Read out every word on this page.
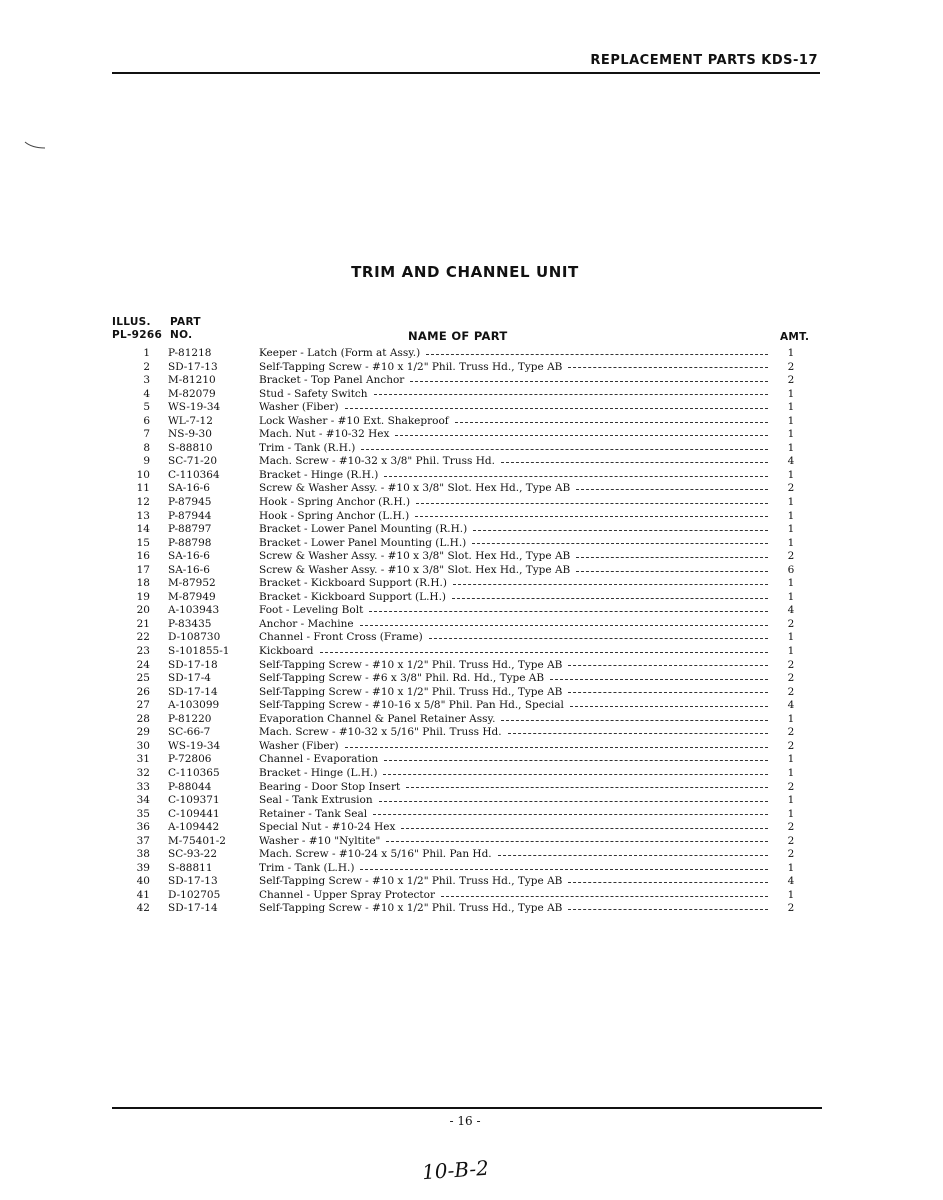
REPLACEMENT PARTS KDS-17
TRIM AND CHANNEL UNIT
ILLUS.
PL-9266
PART
NO.	NAME OF PART	AMT.
1 P-81218	Keeper - Latch (Form at Assy.)	1
2 SD-17-13	Self-Tapping Screw - #10 x 1/2" Phil. Truss Hd., Type AB	2
3 M-81210	Bracket - Top Panel Anchor	2
4 M-82079	Stud - Safety Switch	1
5 WS-19-34	Washer (Fiber)	1
6 WL-7-12	Lock Washer - #10 Ext. Shakeproof	1
7 NS-9-30	Mach. Nut - #10-32 Hex	1
8 S-88810	Trim - Tank (R.H.)	1
9 SC-71-20	Mach. Screw - #10-32 x 3/8" Phil. Truss Hd.	4
10 C-110364	Bracket - Hinge (R.H.)	1
11 SA-16-6	Screw & Washer Assy. - #10 x 3/8" Slot. Hex Hd., Type AB	2
12 P-87945	Hook - Spring Anchor (R.H.)	1
13 P-87944	Hook - Spring Anchor (L.H.)	1
14 P-88797	Bracket - Lower Panel Mounting (R.H.)	1
15 P-88798	Bracket - Lower Panel Mounting (L.H.)	1
16 SA-16-6	Screw & Washer Assy. - #10 x 3/8" Slot. Hex Hd., Type AB	2
17 SA-16-6	Screw & Washer Assy. - #10 x 3/8" Slot. Hex Hd., Type AB	6
18 M-87952	Bracket - Kickboard Support (R.H.)	1
19 M-87949	Bracket - Kickboard Support (L.H.)	1
20 A-103943	Foot - Leveling Bolt	4
21 P-83435	Anchor - Machine	2
22 D-108730	Channel - Front Cross (Frame)	1
23 S-101855-1	Kickboard	1
24 SD-17-18	Self-Tapping Screw - #10 x 1/2" Phil. Truss Hd., Type AB	2
25 SD-17-4	Self-Tapping Screw - #6 x 3/8" Phil. Rd. Hd., Type AB	2
26 SD-17-14	Self-Tapping Screw - #10 x 1/2" Phil. Truss Hd., Type AB	2
27 A-103099	Self-Tapping Screw - #10-16 x 5/8" Phil. Pan Hd., Special	4
28 P-81220	Evaporation Channel & Panel Retainer Assy.	1
29 SC-66-7	Mach. Screw - #10-32 x 5/16" Phil. Truss Hd.	2
30 WS-19-34	Washer (Fiber)	2
31 P-72806	Channel - Evaporation	1
32 C-110365	Bracket - Hinge (L.H.)	1
33 P-88044	Bearing - Door Stop Insert	2
34 C-109371	Seal - Tank Extrusion	1
35 C-109441	Retainer - Tank Seal	1
36 A-109442	Special Nut - #10-24 Hex	2
37 M-75401-2	Washer - #10 "Nyltite"	2
38 SC-93-22	Mach. Screw - #10-24 x 5/16" Phil. Pan Hd.	2
39 S-88811	Trim - Tank (L.H.)	1
40 SD-17-13	Self-Tapping Screw - #10 x 1/2" Phil. Truss Hd., Type AB	4
41 D-102705	Channel - Upper Spray Protector	1
42 SD-17-14	Self-Tapping Screw - #10 x 1/2" Phil. Truss Hd., Type AB	2
- 16 -
10-B-2
